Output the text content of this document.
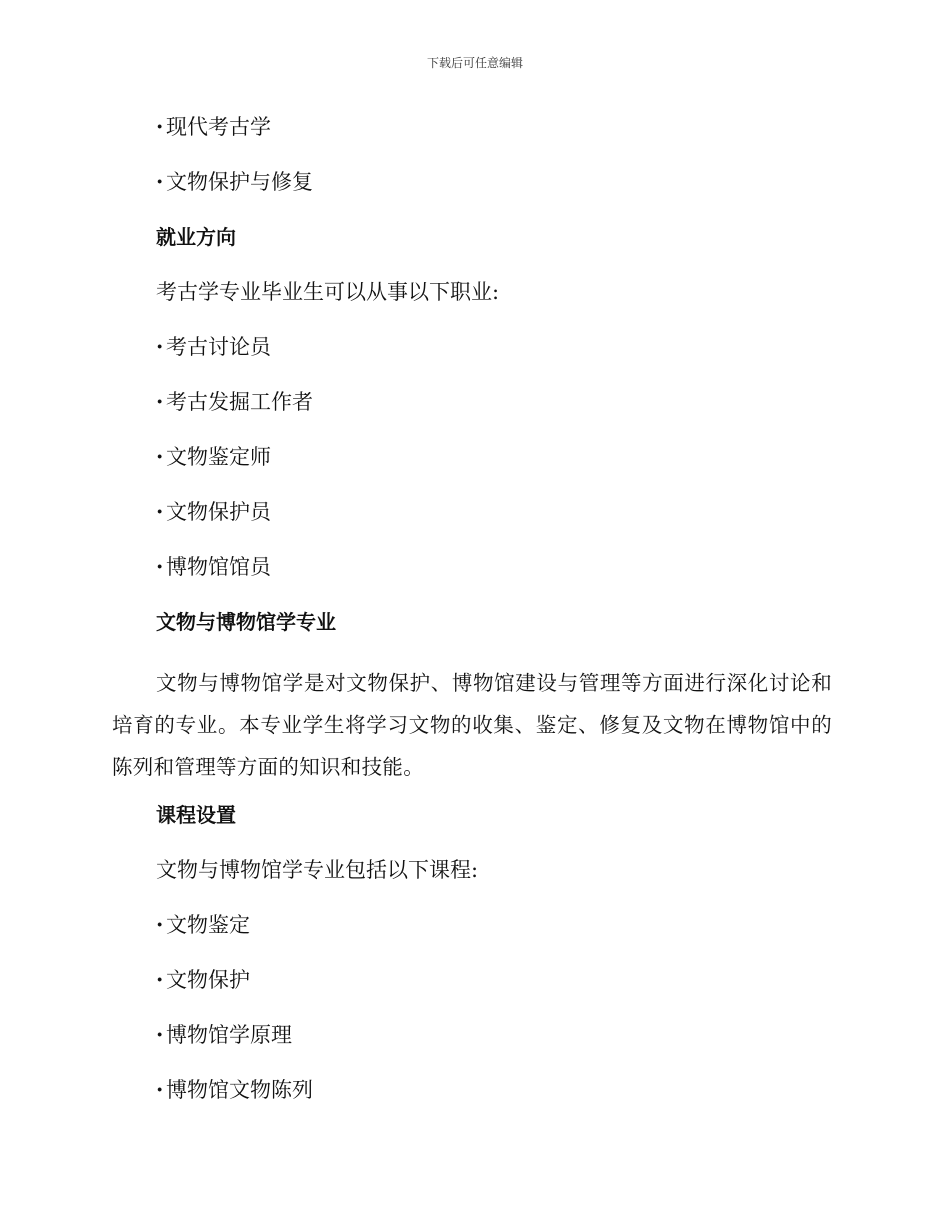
下载后可任意编辑
· 现代考古学
· 文物保护与修复
就业方向
考古学专业毕业生可以从事以下职业:
· 考古讨论员
· 考古发掘工作者
· 文物鉴定师
· 文物保护员
· 博物馆馆员
文物与博物馆学专业
文物与博物馆学是对文物保护、博物馆建设与管理等方面进行深化讨论和培育的专业。本专业学生将学习文物的收集、鉴定、修复及文物在博物馆中的陈列和管理等方面的知识和技能。
课程设置
文物与博物馆学专业包括以下课程:
· 文物鉴定
· 文物保护
· 博物馆学原理
· 博物馆文物陈列
